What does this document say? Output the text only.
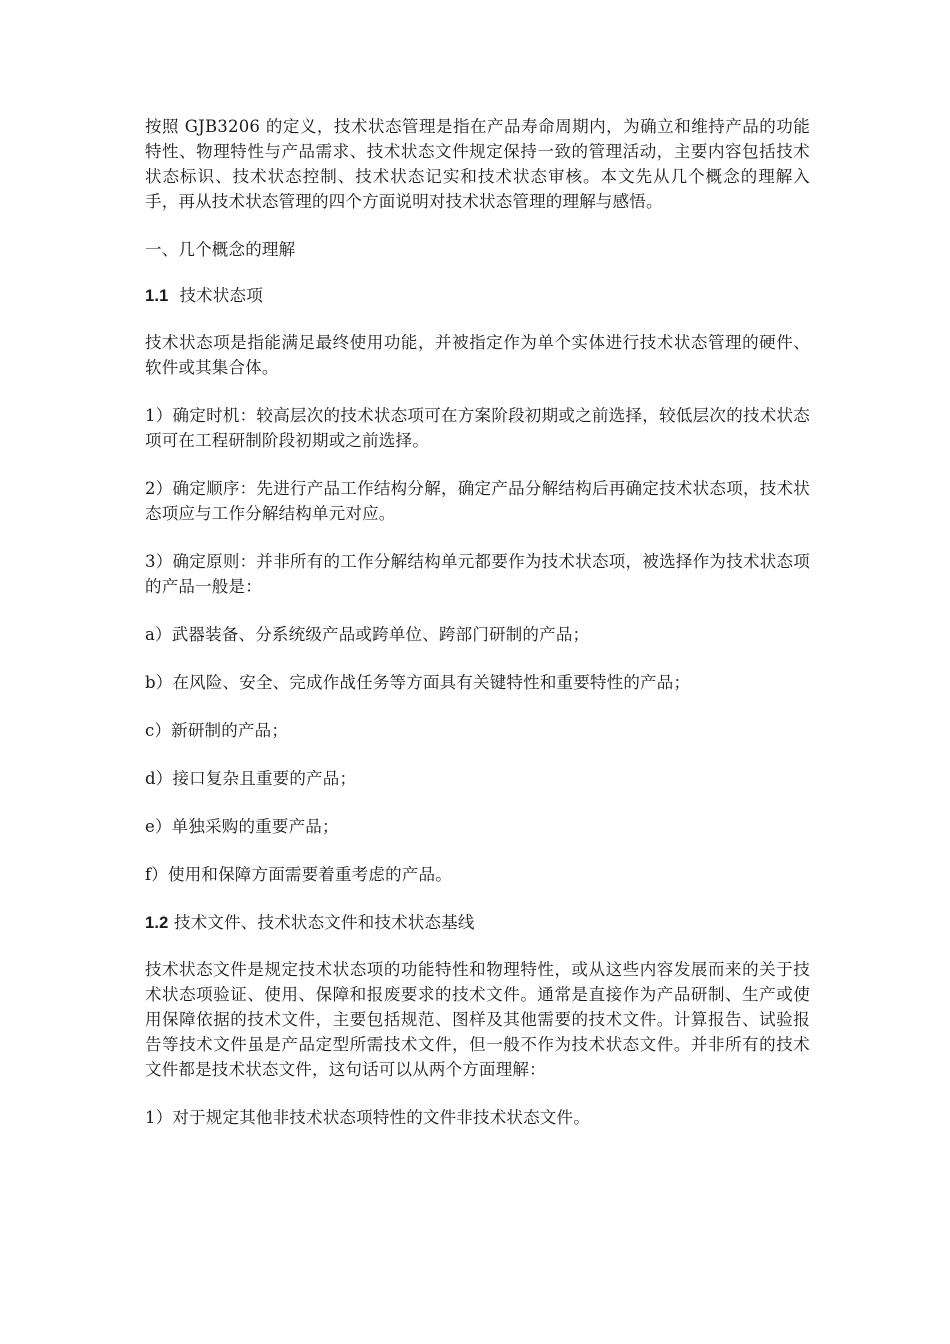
按照 GJB3206 的定义，技术状态管理是指在产品寿命周期内，为确立和维持产品的功能特性、物理特性与产品需求、技术状态文件规定保持一致的管理活动，主要内容包括技术状态标识、技术状态控制、技术状态记实和技术状态审核。本文先从几个概念的理解入手，再从技术状态管理的四个方面说明对技术状态管理的理解与感悟。

一、几个概念的理解

1.1 技术状态项

技术状态项是指能满足最终使用功能，并被指定作为单个实体进行技术状态管理的硬件、软件或其集合体。

1）确定时机：较高层次的技术状态项可在方案阶段初期或之前选择，较低层次的技术状态项可在工程研制阶段初期或之前选择。

2）确定顺序：先进行产品工作结构分解，确定产品分解结构后再确定技术状态项，技术状态项应与工作分解结构单元对应。

3）确定原则：并非所有的工作分解结构单元都要作为技术状态项，被选择作为技术状态项的产品一般是：

a）武器装备、分系统级产品或跨单位、跨部门研制的产品；

b）在风险、安全、完成作战任务等方面具有关键特性和重要特性的产品；

c）新研制的产品；

d）接口复杂且重要的产品；

e）单独采购的重要产品；

f）使用和保障方面需要着重考虑的产品。

1.2 技术文件、技术状态文件和技术状态基线

技术状态文件是规定技术状态项的功能特性和物理特性，或从这些内容发展而来的关于技术状态项验证、使用、保障和报废要求的技术文件。通常是直接作为产品研制、生产或使用保障依据的技术文件，主要包括规范、图样及其他需要的技术文件。计算报告、试验报告等技术文件虽是产品定型所需技术文件，但一般不作为技术状态文件。并非所有的技术文件都是技术状态文件，这句话可以从两个方面理解：

1）对于规定其他非技术状态项特性的文件非技术状态文件。
